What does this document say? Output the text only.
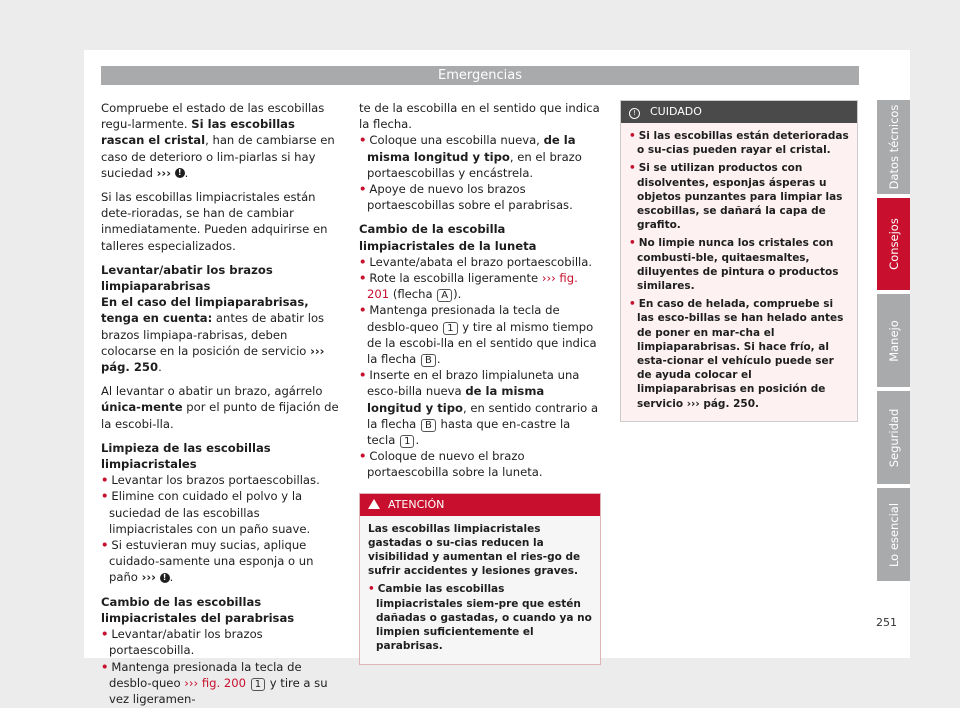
Emergencias

Compruebe el estado de las escobillas regu-larmente. Si las escobillas rascan el cristal, han de cambiarse en caso de deterioro o lim-piarlas si hay suciedad ››› ! .

Si las escobillas limpiacristales están dete-rioradas, se han de cambiar inmediatamente. Pueden adquirirse en talleres especializados.

Levantar/abatir los brazos limpiaparabrisas

En el caso del limpiaparabrisas, tenga en cuenta: antes de abatir los brazos limpiapa-rabrisas, deben colocarse en la posición de servicio ››› pág. 250.

Al levantar o abatir un brazo, agárrelo única-mente por el punto de fijación de la escobi-lla.

Limpieza de las escobillas limpiacristales

• Levantar los brazos portaescobillas.

• Elimine con cuidado el polvo y la suciedad de las escobillas limpiacristales con un paño suave.

• Si estuvieran muy sucias, aplique cuidado-samente una esponja o un paño ››› ! .

Cambio de las escobillas limpiacristales del parabrisas

• Levantar/abatir los brazos portaescobilla.

• Mantenga presionada la tecla de desblo-queo ››› fig. 200 1 y tire a su vez ligeramen-

te de la escobilla en el sentido que indica la flecha.

• Coloque una escobilla nueva, de la misma longitud y tipo, en el brazo portaescobillas y encástrela.

• Apoye de nuevo los brazos portaescobillas sobre el parabrisas.

Cambio de la escobilla limpiacristales de la luneta

• Levante/abata el brazo portaescobilla.

• Rote la escobilla ligeramente ››› fig. 201 (flecha A ).

• Mantenga presionada la tecla de desblo-queo 1 y tire al mismo tiempo de la escobi-lla en el sentido que indica la flecha B .

• Inserte en el brazo limpialuneta una esco-billa nueva de la misma longitud y tipo, en sentido contrario a la flecha B hasta que en-castre la tecla 1 .

• Coloque de nuevo el brazo portaescobilla sobre la luneta.

ATENCIÓN

Las escobillas limpiacristales gastadas o su-cias reducen la visibilidad y aumentan el ries-go de sufrir accidentes y lesiones graves.

• Cambie las escobillas limpiacristales siem-pre que estén dañadas o gastadas, o cuando ya no limpien suficientemente el parabrisas.

! CUIDADO

• Si las escobillas están deterioradas o su-cias pueden rayar el cristal.

• Si se utilizan productos con disolventes, esponjas ásperas u objetos punzantes para limpiar las escobillas, se dañará la capa de grafito.

• No limpie nunca los cristales con combusti-ble, quitaesmaltes, diluyentes de pintura o productos similares.

• En caso de helada, compruebe si las esco-billas se han helado antes de poner en mar-cha el limpiaparabrisas. Si hace frío, al esta-cionar el vehículo puede ser de ayuda colocar el limpiaparabrisas en posición de servicio ››› pág. 250.

Datos técnicos
Consejos
Manejo
Seguridad
Lo esencial
251
